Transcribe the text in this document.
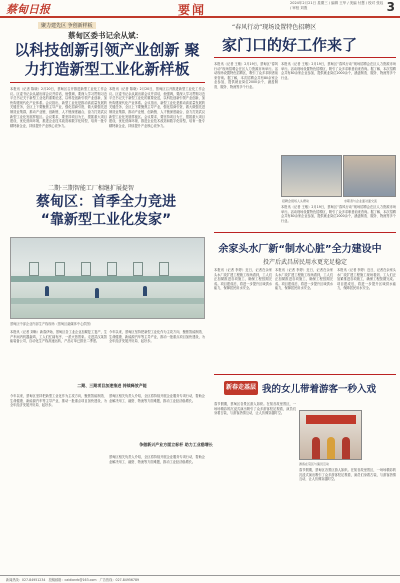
蔡甸日报	要闻	2024年2月21日 星期三 / 编辑 王华 / 美编 付慧 / 校对 张珏 / 审校 刘胜	3
聚力建先区 争创新样板
蔡甸区委书记余从斌：
以科技创新引领产业创新 聚力打造新型工业化新样板
本报讯（记者 陈晓）2月20日，蔡甸区召开推进新型工业化工作会议。区委书记余从斌出席会议并讲话，他强调，要深入学习贯彻习近平总书记关于新型工业化的重要论述，以科技创新引领产业创新，加快构建现代化产业体系。会议指出，新型工业化是推动高质量发展的关键任务，全区上下要聚焦主导产业，强化招商引资，做大做强先进制造业集群，推动产业链、创新链、人才链深度融合，奋力打造武汉新型工业化发展样板区。会议要求，要坚持项目为王，狠抓重大项目建设，优化营商环境，推进企业技术改造和数字化转型，培育一批专精特新企业，持续提升产业核心竞争力。
本报讯（记者 陈晓）2月20日，蔡甸区召开推进新型工业化工作会议。区委书记余从斌出席会议并讲话，他强调，要深入学习贯彻习近平总书记关于新型工业化的重要论述，以科技创新引领产业创新，加快构建现代化产业体系。会议指出，新型工业化是推动高质量发展的关键任务，全区上下要聚焦主导产业，强化招商引资，做大做强先进制造业集群，推动产业链、创新链、人才链深度融合，奋力打造武汉新型工业化发展样板区。会议要求，要坚持项目为王，狠抓重大项目建设，优化营商环境，推进企业技术改造和数字化转型，培育一批专精特新企业，持续提升产业核心竞争力。
二期·三期智能工厂相继扩展提智
蔡甸区：首季全力竞进 “靠新型工业化发家”
蔡甸区中部企业内部生产线现场（蔡甸区融媒体中心供图）
本报讯（记者 刘畅）新春伊始，蔡甸区各工业企业加紧复工复产，生产车间内机器轰鸣，工人们忙碌有序，一派火热景象。走进武汉某智能装备公司，自动化生产线高速运转，产品订单已排至二季度。
今年以来，蔡甸区坚持把新型工业化作为主攻方向，聚焦智能制造、生命健康、新能源汽车等主导产业，推动一批重点项目加快建设，为全年经济发展开好局、起好步。
二期、三期项目加速推进 持续释放产能
今年以来，蔡甸区坚持把新型工业化作为主攻方向，聚焦智能制造、生命健康、新能源汽车等主导产业，推动一批重点项目加快建设，为全年经济发展开好局、起好步。
蔡甸区相关负责人介绍，全区将持续开展企业服务专项行动，帮助企业解决用工、融资、物流等方面难题，推动工业经济稳增长。
争做新兴产业方面立标杆 助力工业稳增长
蔡甸区相关负责人介绍，全区将持续开展企业服务专项行动，帮助企业解决用工、融资、物流等方面难题，推动工业经济稳增长。
“春风行动”现场设置特色招聘区
家门口的好工作来了
本报讯（记者 王敏）2月19日，蔡甸区“春风行动”现场招聘会在区人力资源市场举行。活动现场设置特色招聘区，吸引了众多求职者前来咨询。据了解，本次招聘会共有80余家企业参加，提供就业岗位2000余个，涵盖制造、服务、物流等多个行业。
本报讯（记者 王敏）2月19日，蔡甸区“春风行动”现场招聘会在区人力资源市场举行。活动现场设置特色招聘区，吸引了众多求职者前来咨询。据了解，本次招聘会共有80余家企业参加，提供就业岗位2000余个，涵盖制造、服务、物流等多个行业。
招聘会现场人头攒动	求职者与企业面对面交流
本报讯（记者 王敏）2月19日，蔡甸区“春风行动”现场招聘会在区人力资源市场举行。活动现场设置特色招聘区，吸引了众多求职者前来咨询。据了解，本次招聘会共有80余家企业参加，提供就业岗位2000余个，涵盖制造、服务、物流等多个行业。
余家头水厂新“制水心脏”全力建设中
投产后武昌居民用水更充足稳定
本报讯（记者 李婷）近日，记者在余家头水厂改扩建工程施工现场看到，工人们正加紧推进各项施工，确保工程按期完成。项目建成后，将进一步提升区域供水能力，保障居民用水安全。
本报讯（记者 李婷）近日，记者在余家头水厂改扩建工程施工现场看到，工人们正加紧推进各项施工，确保工程按期完成。项目建成后，将进一步提升区域供水能力，保障居民用水安全。
本报讯（记者 李婷）近日，记者在余家头水厂改扩建工程施工现场看到，工人们正加紧推进各项施工，确保工程按期完成。项目建成后，将进一步提升区域供水能力，保障居民用水安全。
新春走基层 我的女儿带着游客一秒入戏
春节假期，蔡甸区各景区游人如织。在知音故里景区，一场场精彩的沉浸式演出吸引了众多游客驻足观看，演员们身着古装，与游客热情互动，让人仿佛穿越时空。
游客在景区与演员互动
春节假期，蔡甸区各景区游人如织。在知音故里景区，一场场精彩的沉浸式演出吸引了众多游客驻足观看，演员们身着古装，与游客热情互动，让人仿佛穿越时空。
新闻热线：027-84951234　投稿邮箱：caidianrb@163.com　广告热线：027-84956789
